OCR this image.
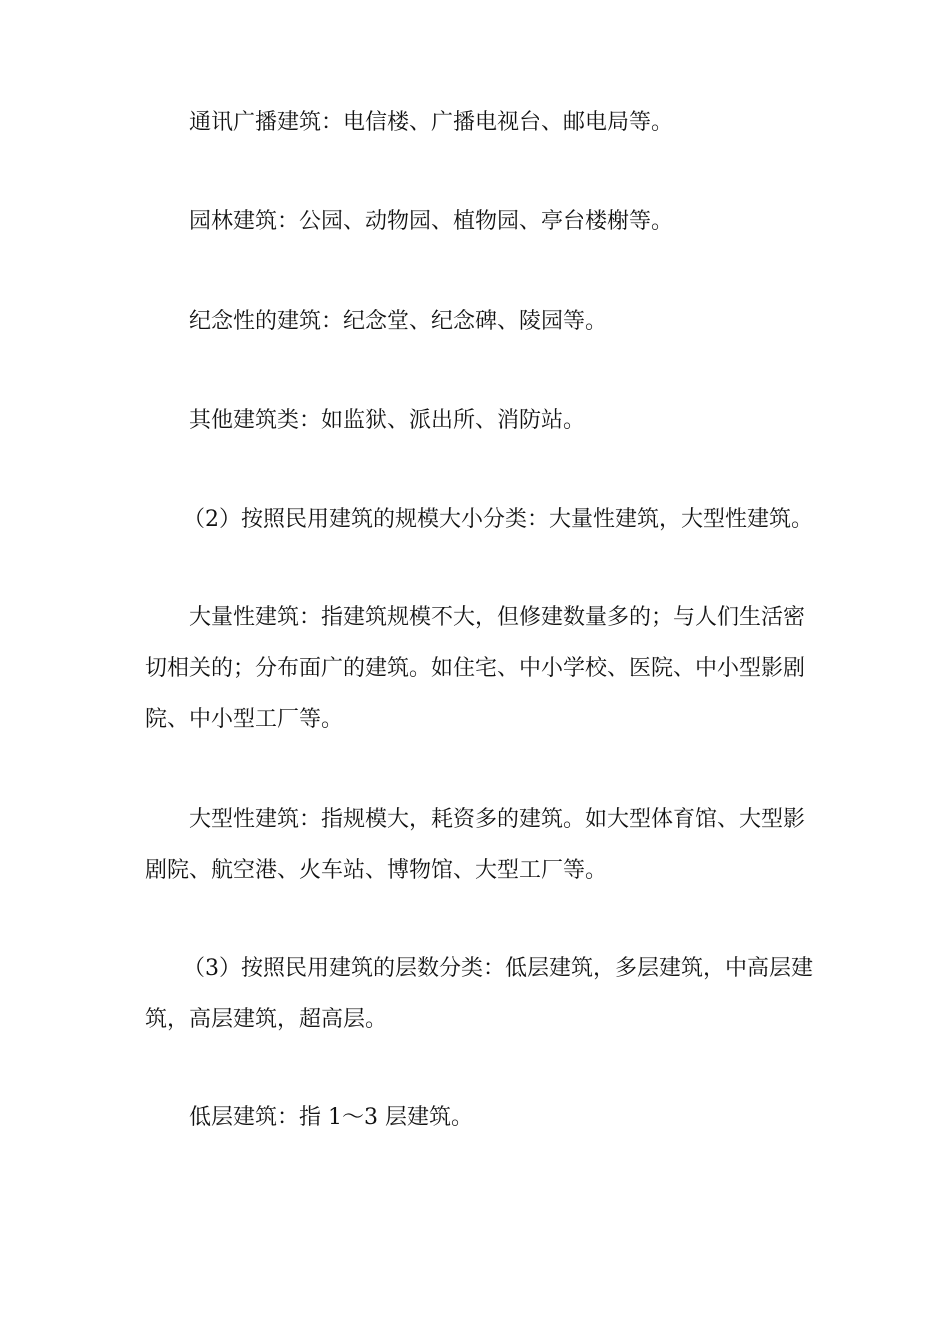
通讯广播建筑：电信楼、广播电视台、邮电局等。

园林建筑：公园、动物园、植物园、亭台楼榭等。

纪念性的建筑：纪念堂、纪念碑、陵园等。

其他建筑类：如监狱、派出所、消防站。

（2）按照民用建筑的规模大小分类：大量性建筑，大型性建筑。

大量性建筑：指建筑规模不大，但修建数量多的；与人们生活密切相关的；分布面广的建筑。如住宅、中小学校、医院、中小型影剧院、中小型工厂等。

大型性建筑：指规模大，耗资多的建筑。如大型体育馆、大型影剧院、航空港、火车站、博物馆、大型工厂等。

（3）按照民用建筑的层数分类：低层建筑，多层建筑，中高层建筑，高层建筑，超高层。

低层建筑：指 1～3 层建筑。
